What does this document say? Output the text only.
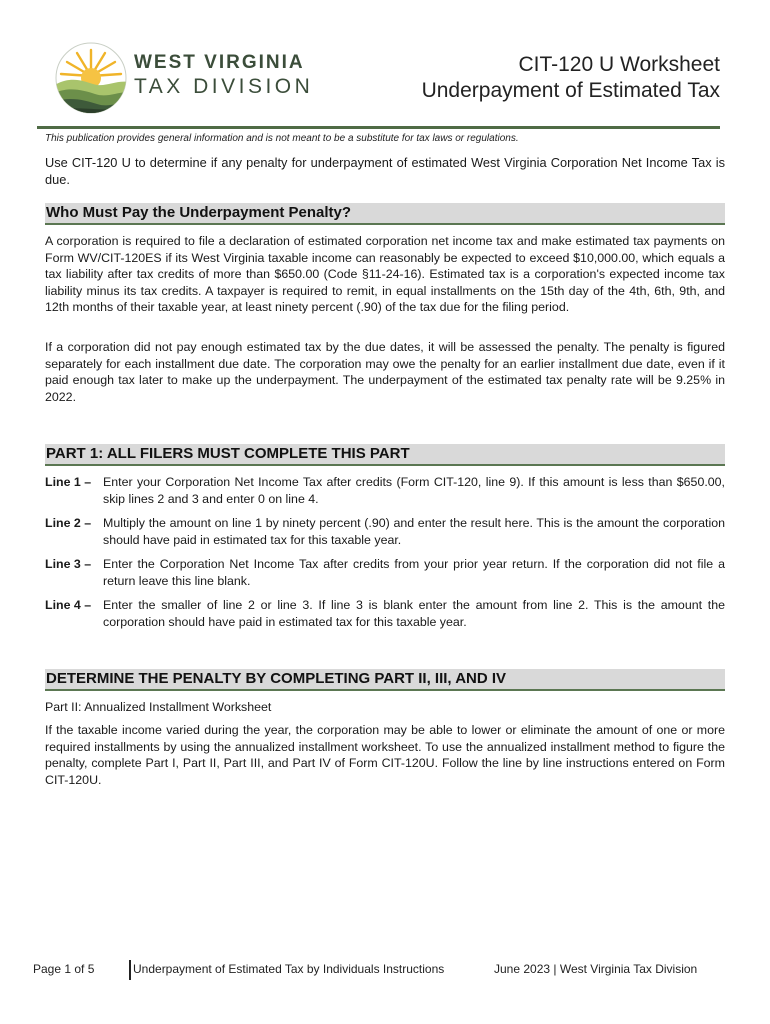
WEST VIRGINIA
TAX DIVISION
CIT-120 U Worksheet
Underpayment of Estimated Tax
This publication provides general information and is not meant to be a substitute for tax laws or regulations.
Use CIT-120 U to determine if any penalty for underpayment of estimated West Virginia Corporation Net Income Tax is due.
Who Must Pay the Underpayment Penalty?
A corporation is required to file a declaration of estimated corporation net income tax and make estimated tax payments on Form WV/CIT-120ES if its West Virginia taxable income can reasonably be expected to exceed $10,000.00, which equals a tax liability after tax credits of more than $650.00 (Code §11-24-16). Estimated tax is a corporation's expected income tax liability minus its tax credits. A taxpayer is required to remit, in equal installments on the 15th day of the 4th, 6th, 9th, and 12th months of their taxable year, at least ninety percent (.90) of the tax due for the filing period.
If a corporation did not pay enough estimated tax by the due dates, it will be assessed the penalty. The penalty is figured separately for each installment due date. The corporation may owe the penalty for an earlier installment due date, even if it paid enough tax later to make up the underpayment. The underpayment of the estimated tax penalty rate will be 9.25% in 2022.
PART 1: ALL FILERS MUST COMPLETE THIS PART
Line 1 – Enter your Corporation Net Income Tax after credits (Form CIT-120, line 9). If this amount is less than $650.00, skip lines 2 and 3 and enter 0 on line 4.
Line 2 – Multiply the amount on line 1 by ninety percent (.90) and enter the result here. This is the amount the corporation should have paid in estimated tax for this taxable year.
Line 3 – Enter the Corporation Net Income Tax after credits from your prior year return. If the corporation did not file a return leave this line blank.
Line 4 – Enter the smaller of line 2 or line 3. If line 3 is blank enter the amount from line 2. This is the amount the corporation should have paid in estimated tax for this taxable year.
DETERMINE THE PENALTY BY COMPLETING PART II, III, AND IV
Part II: Annualized Installment Worksheet
If the taxable income varied during the year, the corporation may be able to lower or eliminate the amount of one or more required installments by using the annualized installment worksheet. To use the annualized installment method to figure the penalty, complete Part I, Part II, Part III, and Part IV of Form CIT-120U. Follow the line by line instructions entered on Form CIT-120U.
Page 1 of 5	Underpayment of Estimated Tax by Individuals Instructions	June 2023 | West Virginia Tax Division
